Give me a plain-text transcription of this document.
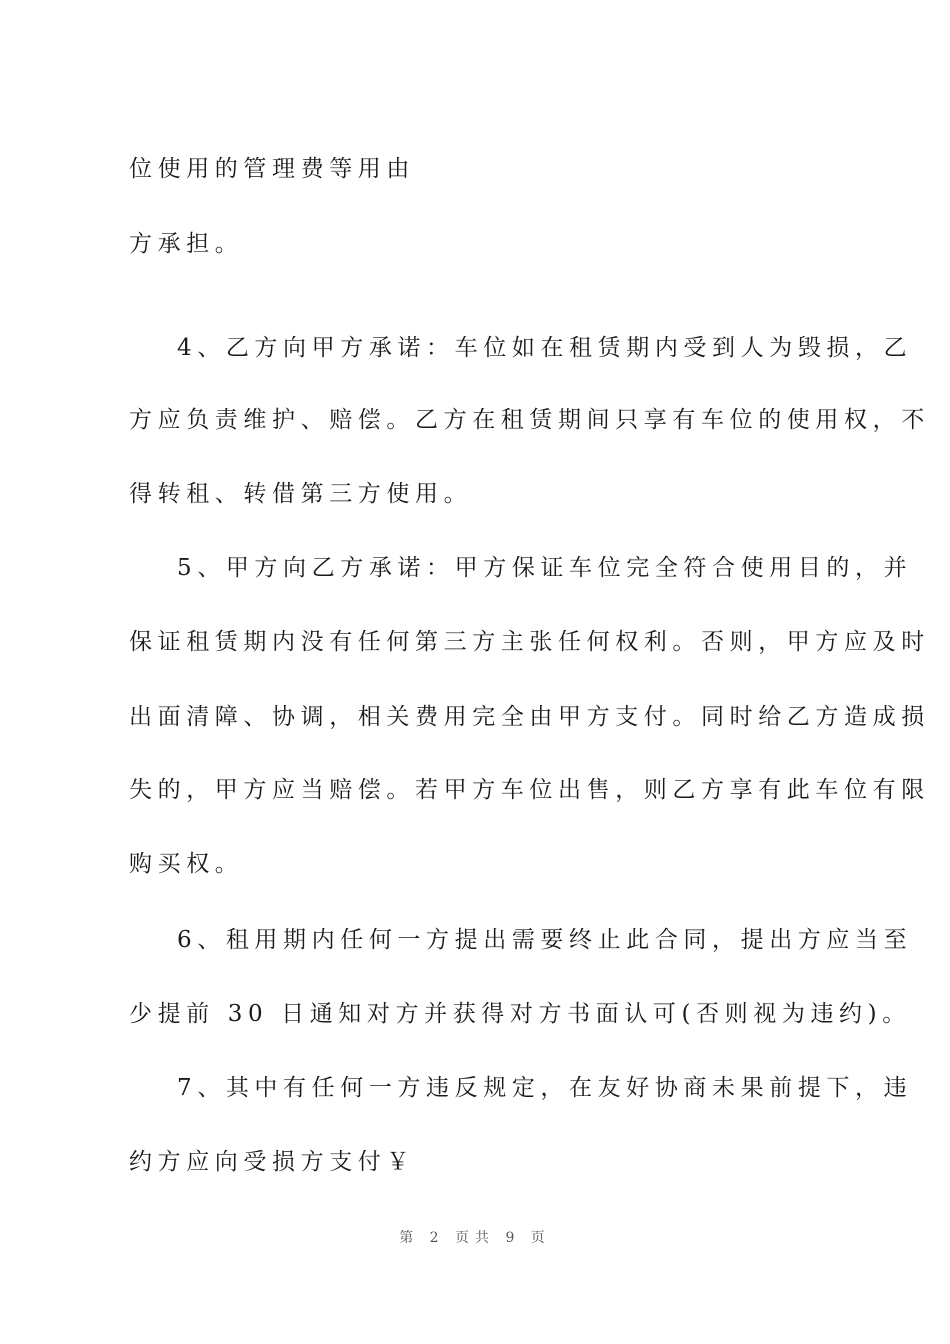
位使用的管理费等用由
方承担。
4、乙方向甲方承诺：车位如在租赁期内受到人为毁损，乙
方应负责维护、赔偿。乙方在租赁期间只享有车位的使用权，不
得转租、转借第三方使用。
5、甲方向乙方承诺：甲方保证车位完全符合使用目的，并
保证租赁期内没有任何第三方主张任何权利。否则，甲方应及时
出面清障、协调，相关费用完全由甲方支付。同时给乙方造成损
失的，甲方应当赔偿。若甲方车位出售，则乙方享有此车位有限
购买权。
6、租用期内任何一方提出需要终止此合同，提出方应当至
少提前 30 日通知对方并获得对方书面认可(否则视为违约)。
7、其中有任何一方违反规定，在友好协商未果前提下，违
约方应向受损方支付￥
第 2 页共 9 页
